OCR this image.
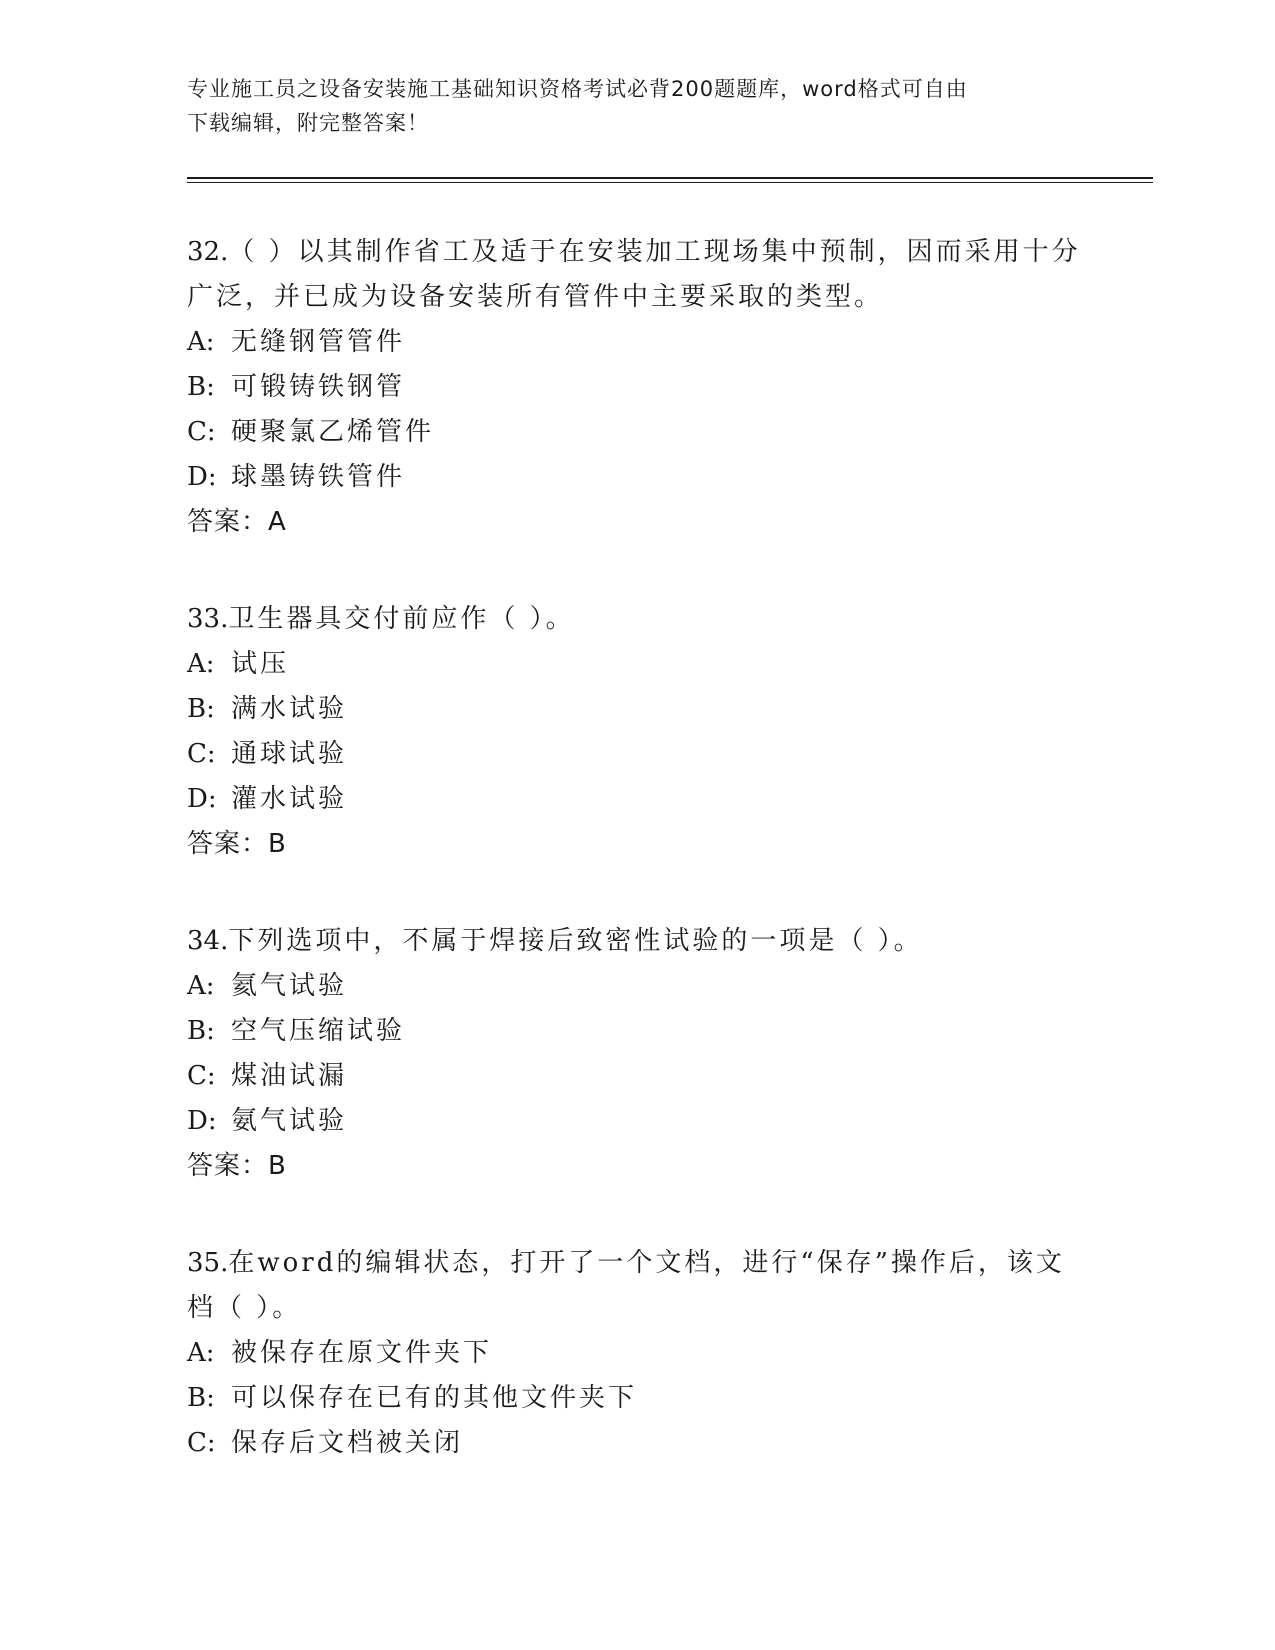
专业施工员之设备安装施工基础知识资格考试必背200题题库，word格式可自由
下载编辑，附完整答案！
32.（ ）以其制作省工及适于在安装加工现场集中预制，因而采用十分广泛，并已成为设备安装所有管件中主要采取的类型。
A: 无缝钢管管件
B: 可锻铸铁钢管
C: 硬聚氯乙烯管件
D: 球墨铸铁管件
答案：A
33.卫生器具交付前应作（ ）。
A: 试压
B: 满水试验
C: 通球试验
D: 灌水试验
答案：B
34.下列选项中，不属于焊接后致密性试验的一项是（ ）。
A: 氦气试验
B: 空气压缩试验
C: 煤油试漏
D: 氨气试验
答案：B
35.在word的编辑状态，打开了一个文档，进行“保存”操作后，该文档（ ）。
A: 被保存在原文件夹下
B: 可以保存在已有的其他文件夹下
C: 保存后文档被关闭
